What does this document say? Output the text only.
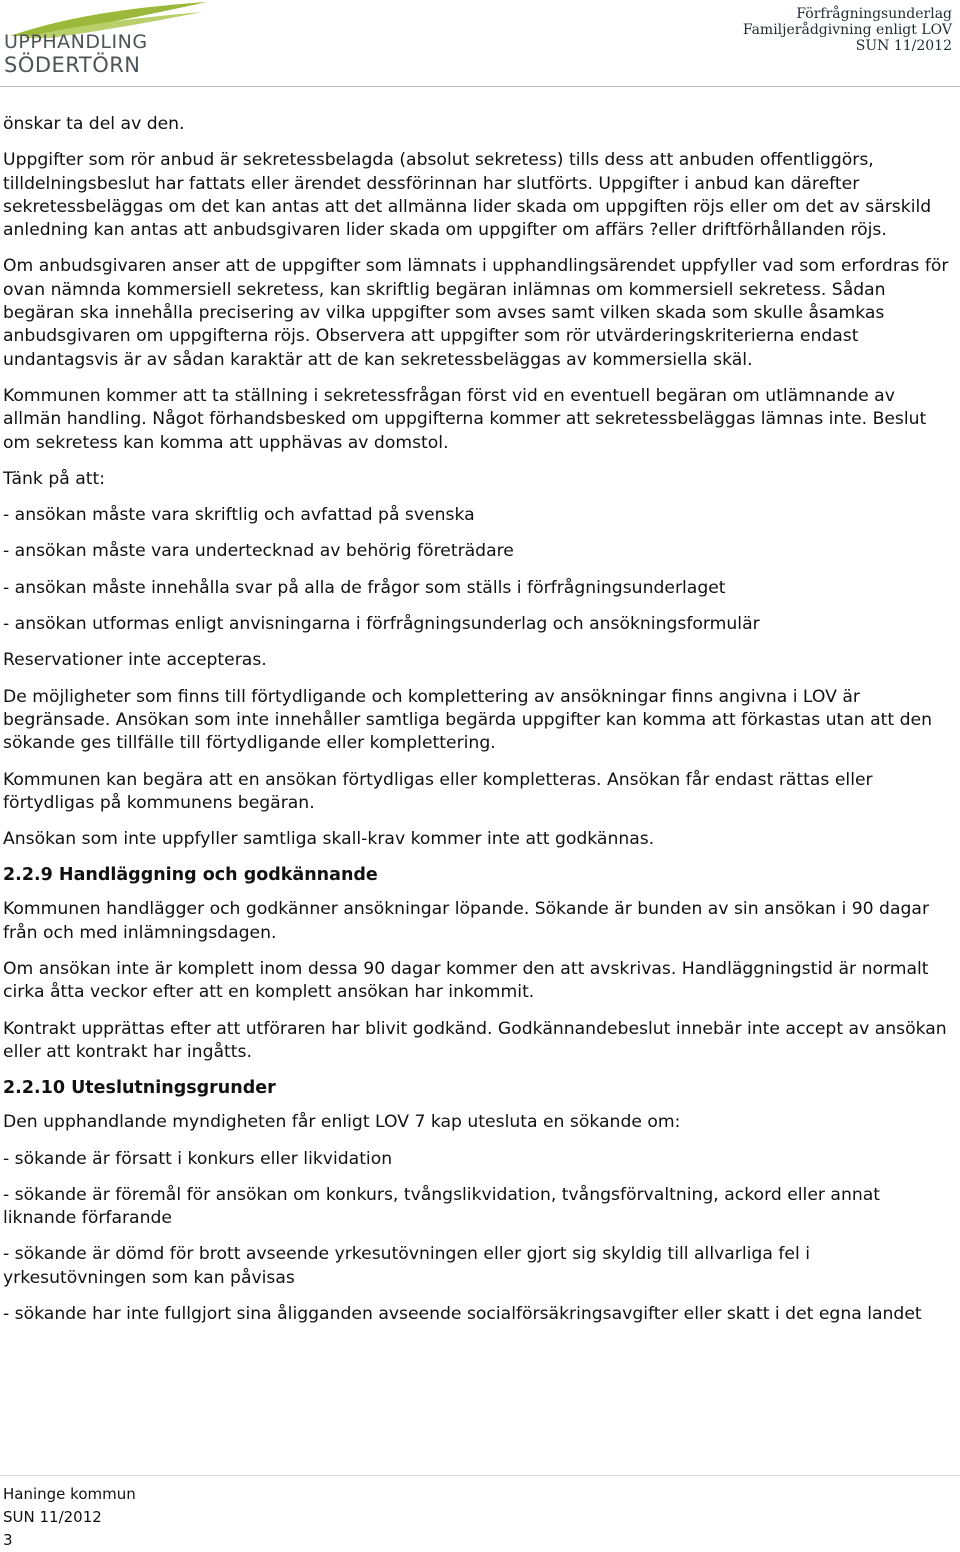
UPPHANDLING
SÖDERTÖRN
Förfrågningsunderlag
Familjerådgivning enligt LOV
SUN 11/2012

önskar ta del av den.

Uppgifter som rör anbud är sekretessbelagda (absolut sekretess) tills dess att anbuden offentliggörs, tilldelningsbeslut har fattats eller ärendet dessförinnan har slutförts. Uppgifter i anbud kan därefter sekretessbeläggas om det kan antas att det allmänna lider skada om uppgiften röjs eller om det av särskild anledning kan antas att anbudsgivaren lider skada om uppgifter om affärs ?eller driftförhållanden röjs.

Om anbudsgivaren anser att de uppgifter som lämnats i upphandlingsärendet uppfyller vad som erfordras för ovan nämnda kommersiell sekretess, kan skriftlig begäran inlämnas om kommersiell sekretess. Sådan begäran ska innehålla precisering av vilka uppgifter som avses samt vilken skada som skulle åsamkas anbudsgivaren om uppgifterna röjs. Observera att uppgifter som rör utvärderingskriterierna endast undantagsvis är av sådan karaktär att de kan sekretessbeläggas av kommersiella skäl.

Kommunen kommer att ta ställning i sekretessfrågan först vid en eventuell begäran om utlämnande av allmän handling. Något förhandsbesked om uppgifterna kommer att sekretessbeläggas lämnas inte. Beslut om sekretess kan komma att upphävas av domstol.

Tänk på att:

- ansökan måste vara skriftlig och avfattad på svenska

- ansökan måste vara undertecknad av behörig företrädare

- ansökan måste innehålla svar på alla de frågor som ställs i förfrågningsunderlaget

- ansökan utformas enligt anvisningarna i förfrågningsunderlag och ansökningsformulär

Reservationer inte accepteras.

De möjligheter som finns till förtydligande och komplettering av ansökningar finns angivna i LOV är begränsade. Ansökan som inte innehåller samtliga begärda uppgifter kan komma att förkastas utan att den sökande ges tillfälle till förtydligande eller komplettering.

Kommunen kan begära att en ansökan förtydligas eller kompletteras. Ansökan får endast rättas eller förtydligas på kommunens begäran.

Ansökan som inte uppfyller samtliga skall-krav kommer inte att godkännas.

2.2.9 Handläggning och godkännande

Kommunen handlägger och godkänner ansökningar löpande. Sökande är bunden av sin ansökan i 90 dagar från och med inlämningsdagen.

Om ansökan inte är komplett inom dessa 90 dagar kommer den att avskrivas. Handläggningstid är normalt cirka åtta veckor efter att en komplett ansökan har inkommit.

Kontrakt upprättas efter att utföraren har blivit godkänd. Godkännandebeslut innebär inte accept av ansökan eller att kontrakt har ingåtts.

2.2.10 Uteslutningsgrunder

Den upphandlande myndigheten får enligt LOV 7 kap utesluta en sökande om:

- sökande är försatt i konkurs eller likvidation

- sökande är föremål för ansökan om konkurs, tvångslikvidation, tvångsförvaltning, ackord eller annat liknande förfarande

- sökande är dömd för brott avseende yrkesutövningen eller gjort sig skyldig till allvarliga fel i yrkesutövningen som kan påvisas

- sökande har inte fullgjort sina åligganden avseende socialförsäkringsavgifter eller skatt i det egna landet

Haninge kommun
SUN 11/2012
3
